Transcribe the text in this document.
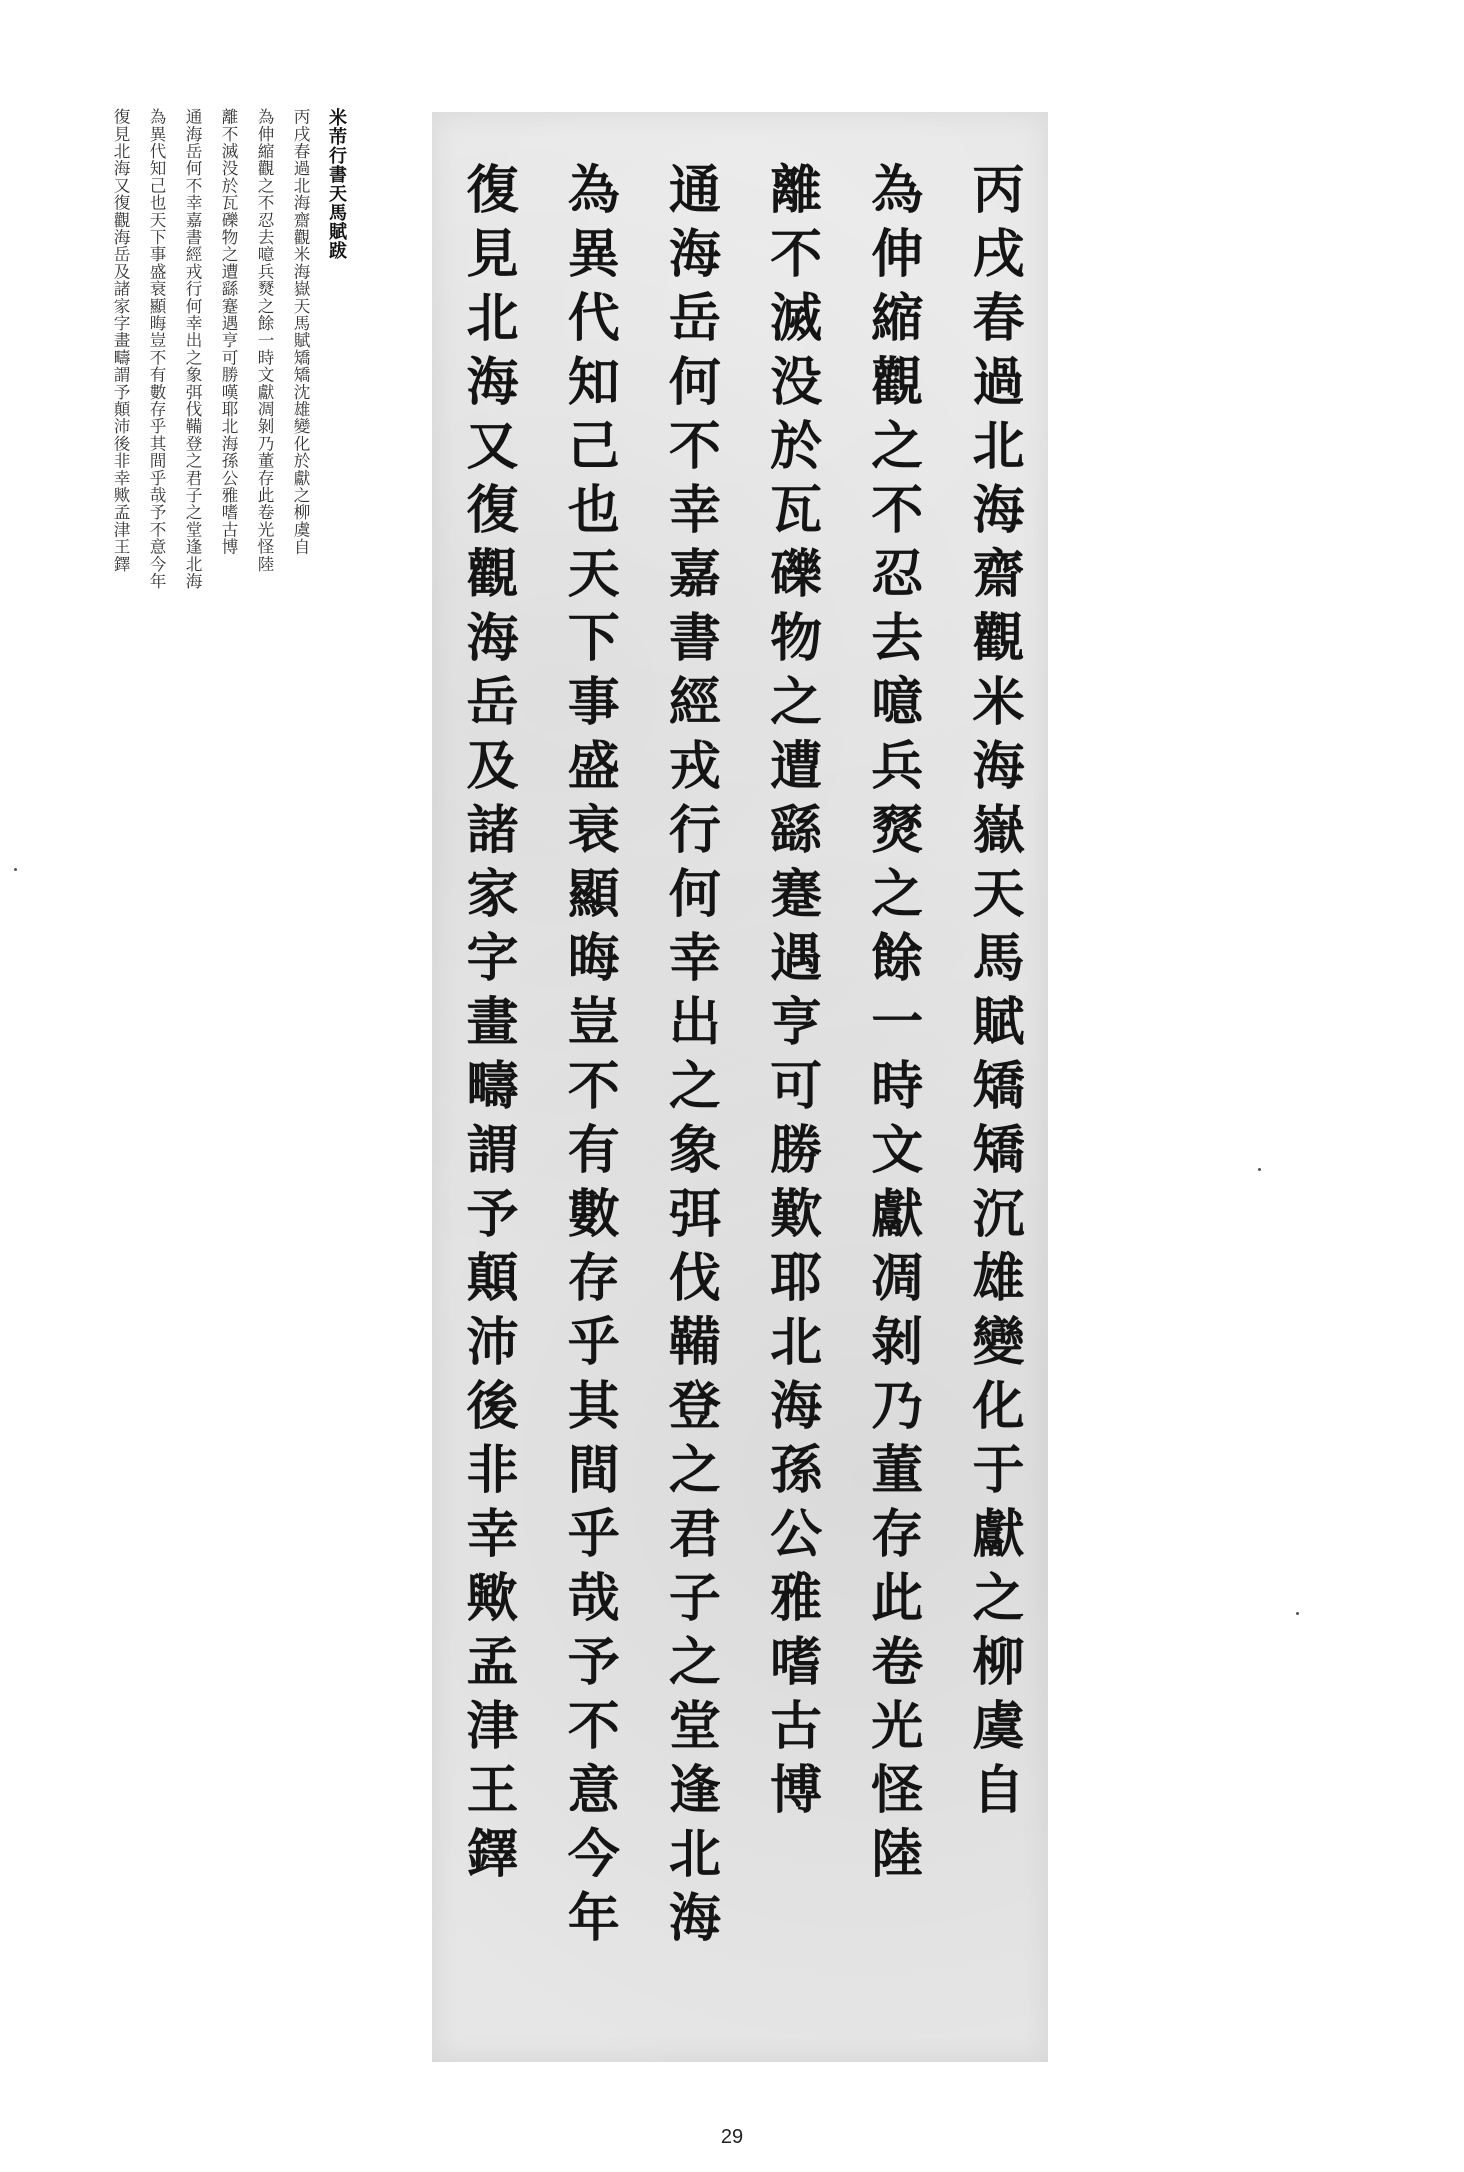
米芾行書天馬賦跋
丙戌春過北海齋觀米海嶽天馬賦矯矯沈雄變化於獻之柳虞自
為伸縮觀之不忍去噫兵燹之餘一時文獻凋剝乃董存此卷光怪陸
離不滅没於瓦礫物之遭繇蹇遇亨可勝嘆耶北海孫公雅嗜古博
通海岳何不幸嘉書經戎行何幸出之象弭伐鞴登之君子之堂逢北海
為異代知己也天下事盛衰顯晦豈不有數存乎其間乎哉予不意今年
復見北海又復觀海岳及諸家字畫疇謂予顛沛後非幸歟孟津王鐸	丙戌春過北海齋觀米海嶽天馬賦矯矯沉雄變化于獻之柳虞自
為伸縮觀之不忍去噫兵燹之餘一時文獻凋剝乃董存此卷光怪陸
離不滅没於瓦礫物之遭繇蹇遇亨可勝歎耶北海孫公雅嗜古博
通海岳何不幸嘉書經戎行何幸出之象弭伐鞴登之君子之堂逢北海
為異代知己也天下事盛衰顯晦豈不有數存乎其間乎哉予不意今年
復見北海又復觀海岳及諸家字畫疇謂予顛沛後非幸歟孟津王鐸
29
